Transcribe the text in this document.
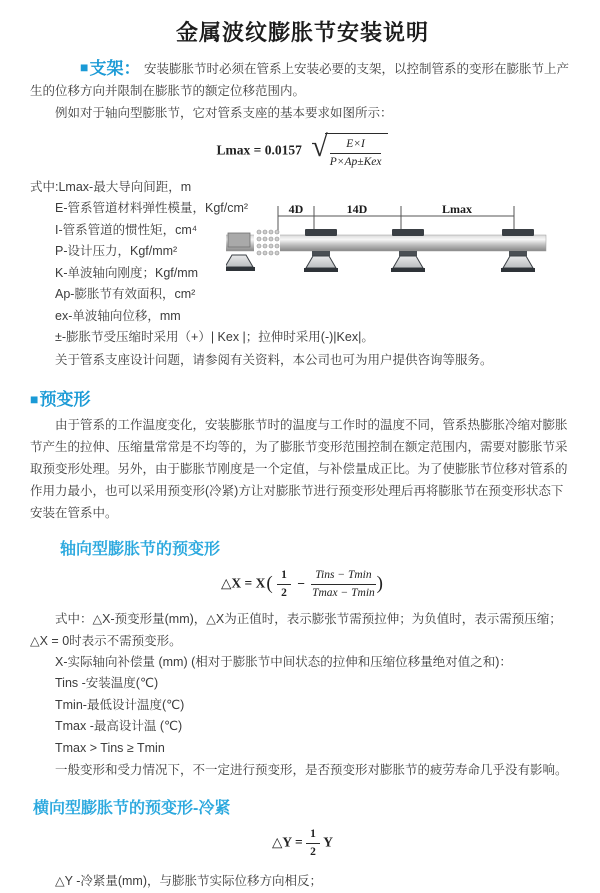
金属波纹膨胀节安装说明

■支架： 安装膨胀节时必须在管系上安装必要的支架，以控制管系的变形在膨胀节上产生的位移方向并限制在膨胀节的额定位移范围内。

例如对于轴向型膨胀节，它对管系支座的基本要求如图所示：

Lmax = 0.0157 √ $\frac{E\times I}{\text{P×Ap±Kex}}$
式中:Lmax-最大导向间距，m
E-管系管道材料弹性模量，Kgf/cm²
I-管系管道的惯性矩，cm⁴
P-设计压力，Kgf/mm²
K-单波轴向刚度；Kgf/mm
Ap-膨胀节有效面积，cm²
ex-单波轴向位移，mm
±-膨胀节受压缩时采用（+）| Kex |；拉伸时采用(-)|Kex|。

关于管系支座设计问题，请参阅有关资料，本公司也可为用户提供咨询等服务。

4D	14D	Lmax
■预变形

由于管系的工作温度变化，安装膨胀节时的温度与工作时的温度不同，管系热膨胀冷缩对膨胀节产生的拉伸、压缩量常常是不均等的，为了膨胀节变形范围控制在额定范围内，需要对膨胀节采取预变形处理。另外，由于膨胀节刚度是一个定值，与补偿量成正比。为了使膨胀节位移对管系的作用力最小，也可以采用预变形(冷紧)方让对膨胀节进行预变形处理后再将膨胀节在预变形状态下安装在管系中。

轴向型膨胀节的预变形
△X = $X( \frac{1}{2} - \frac{\text{Tins − Tmin}}{Tmax - Tmin}$ )

式中：△X-预变形量(mm)，△X为正值时，表示膨张节需预拉伸；为负值时，表示需预压缩；△X = 0时表示不需预变形。

X-实际轴向补偿量 (mm) (相对于膨胀节中间状态的拉伸和压缩位移量绝对值之和)：
Tins -安装温度(℃)
Tmin-最低设计温度(℃)
Tmax -最高设计温 (℃)
Tmax > Tins ≥ Tmin

一般变形和受力情况下，不一定进行预变形，是否预变形对膨胀节的疲劳寿命几乎没有影响。

横向型膨胀节的预变形-冷紧
△Y = $\frac{1}{2}$ Y
△Y -冷紧量(mm)，与膨胀节实际位移方向相反；
